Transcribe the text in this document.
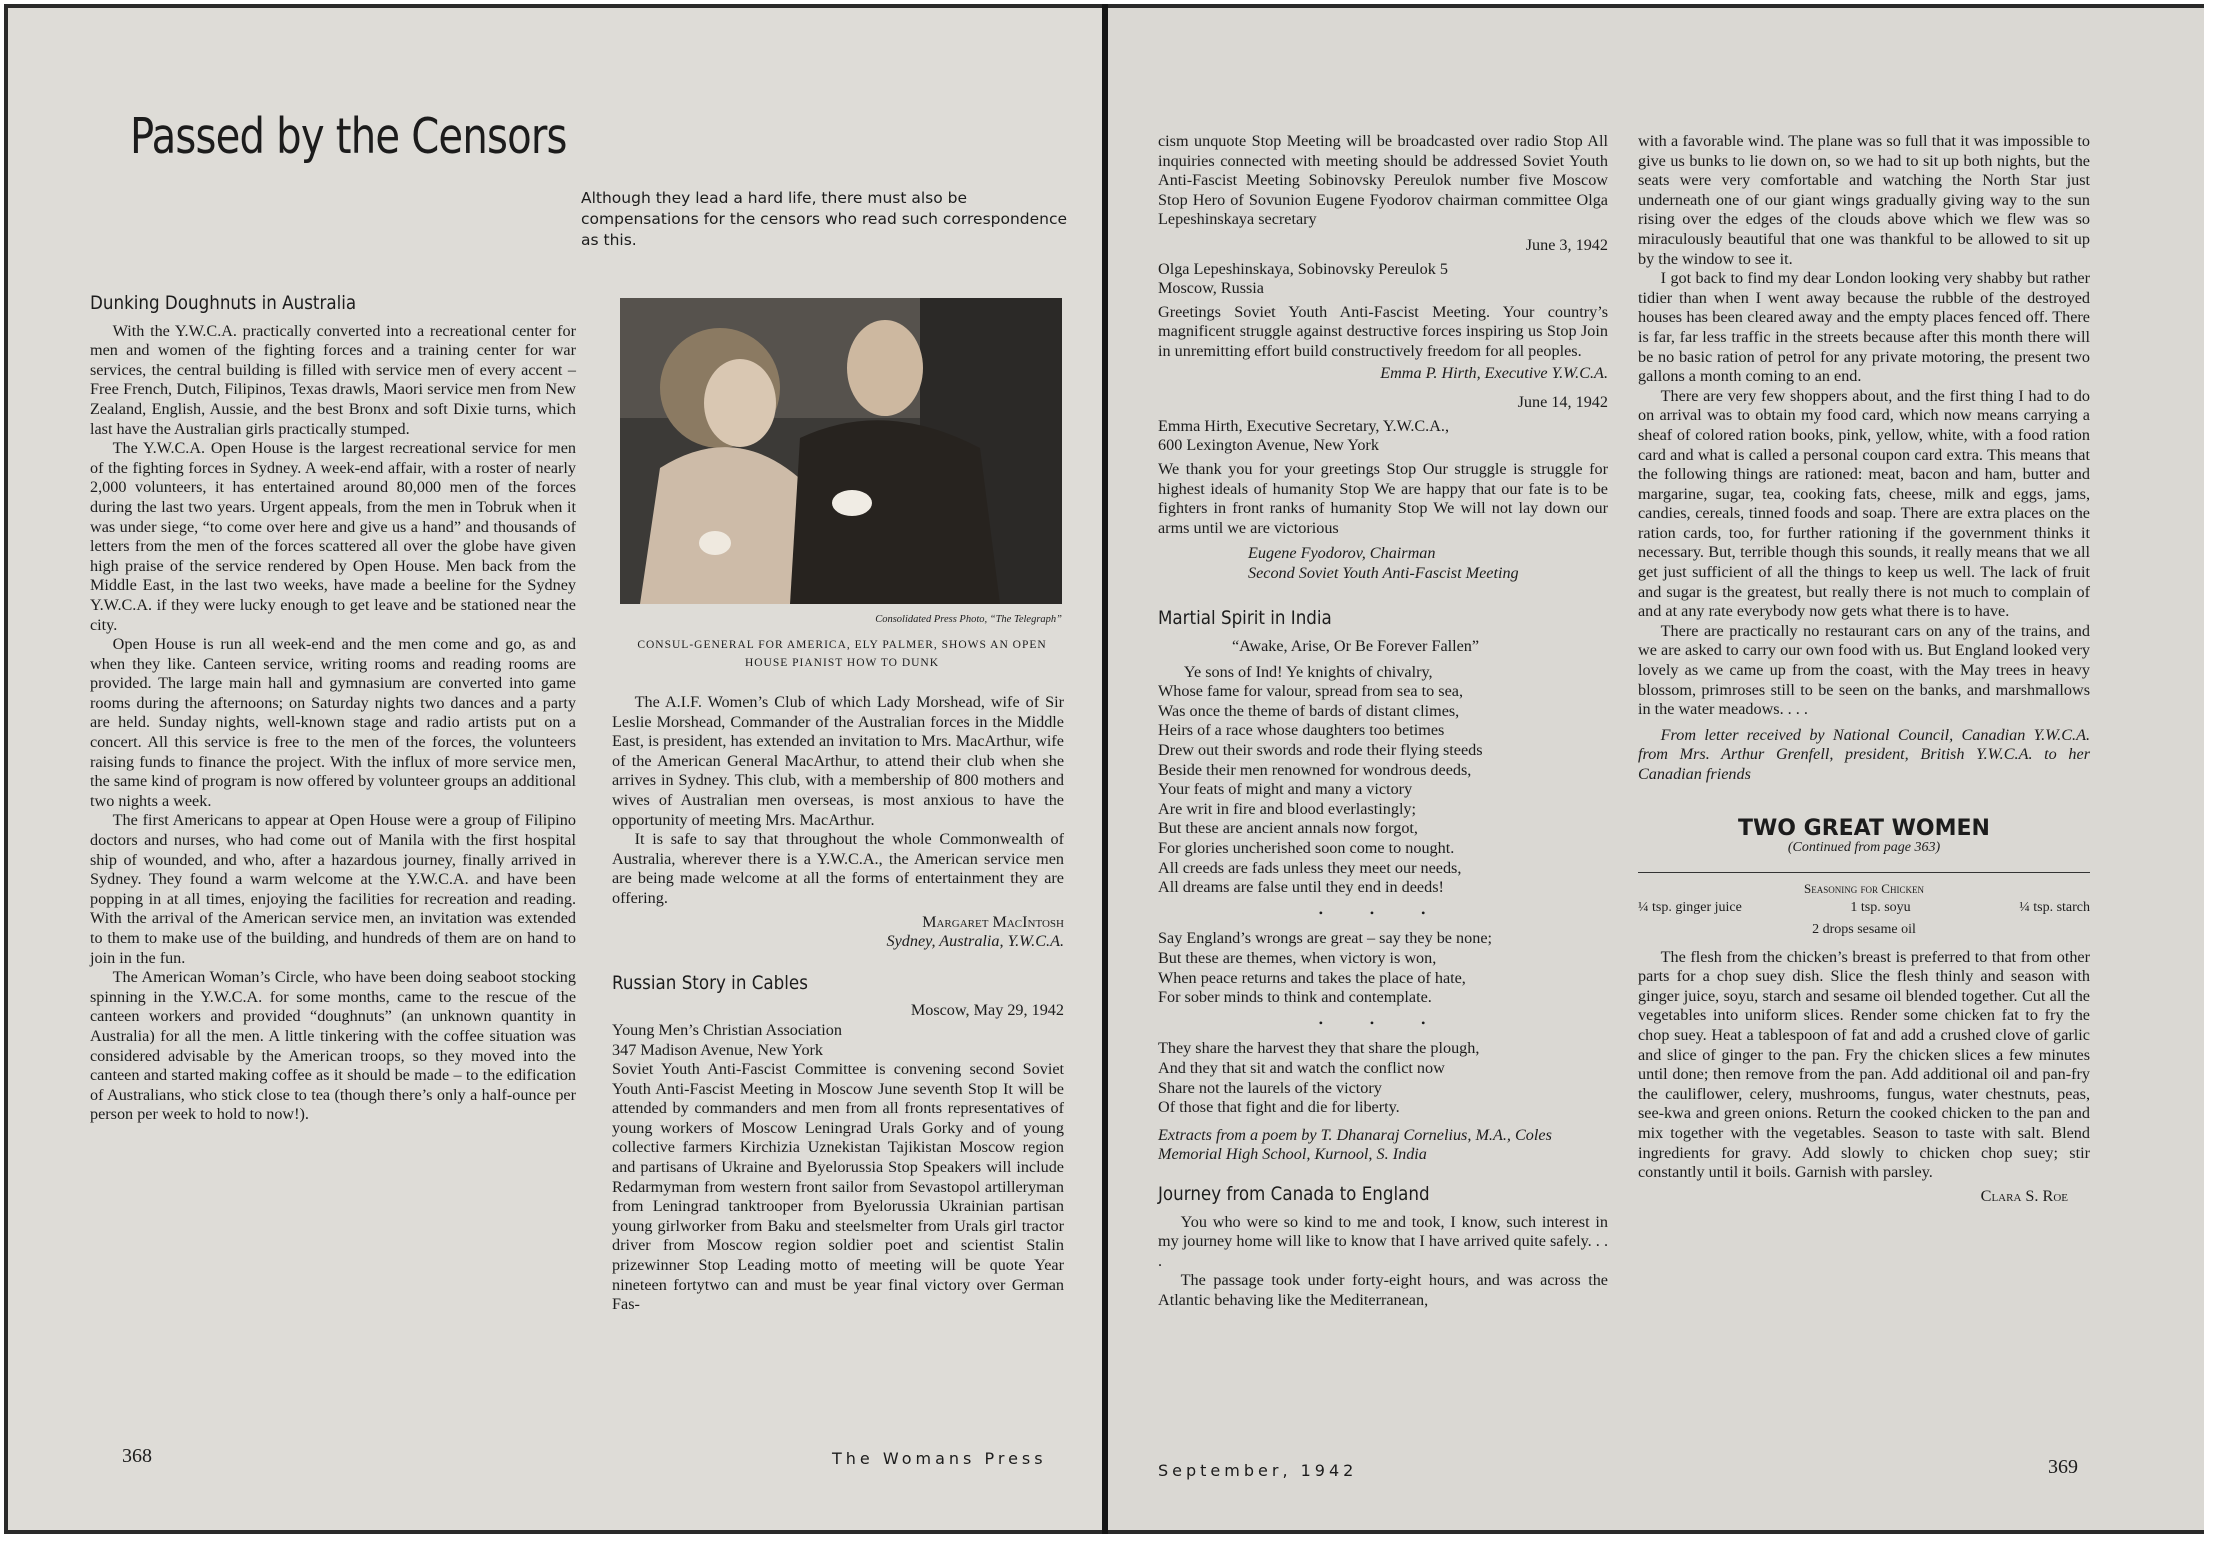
Passed by the Censors
Although they lead a hard life, there must also be compensations for the censors who read such correspondence as this.
Dunking Doughnuts in Australia

With the Y.W.C.A. practically converted into a recreational center for men and women of the fighting forces and a training center for war services, the central building is filled with service men of every accent – Free French, Dutch, Filipinos, Texas drawls, Maori service men from New Zealand, English, Aussie, and the best Bronx and soft Dixie turns, which last have the Australian girls practically stumped.

The Y.W.C.A. Open House is the largest recreational service for men of the fighting forces in Sydney. A week-end affair, with a roster of nearly 2,000 volunteers, it has entertained around 80,000 men of the forces during the last two years. Urgent appeals, from the men in Tobruk when it was under siege, “to come over here and give us a hand” and thousands of letters from the men of the forces scattered all over the globe have given high praise of the service rendered by Open House. Men back from the Middle East, in the last two weeks, have made a beeline for the Sydney Y.W.C.A. if they were lucky enough to get leave and be stationed near the city.

Open House is run all week-end and the men come and go, as and when they like. Canteen service, writing rooms and reading rooms are provided. The large main hall and gymnasium are converted into game rooms during the afternoons; on Saturday nights two dances and a party are held. Sunday nights, well-known stage and radio artists put on a concert. All this service is free to the men of the forces, the volunteers raising funds to finance the project. With the influx of more service men, the same kind of program is now offered by volunteer groups an additional two nights a week.

The first Americans to appear at Open House were a group of Filipino doctors and nurses, who had come out of Manila with the first hospital ship of wounded, and who, after a hazardous journey, finally arrived in Sydney. They found a warm welcome at the Y.W.C.A. and have been popping in at all times, enjoying the facilities for recreation and reading. With the arrival of the American service men, an invitation was extended to them to make use of the building, and hundreds of them are on hand to join in the fun.

The American Woman’s Circle, who have been doing seaboot stocking spinning in the Y.W.C.A. for some months, came to the rescue of the canteen workers and provided “doughnuts” (an unknown quantity in Australia) for all the men. A little tinkering with the coffee situation was considered advisable by the American troops, so they moved into the canteen and started making coffee as it should be made – to the edification of Australians, who stick close to tea (though there’s only a half-ounce per person per week to hold to now!).

Consolidated Press Photo, “The Telegraph”
CONSUL-GENERAL FOR AMERICA, ELY PALMER, SHOWS AN OPEN HOUSE PIANIST HOW TO DUNK

The A.I.F. Women’s Club of which Lady Morshead, wife of Sir Leslie Morshead, Commander of the Australian forces in the Middle East, is president, has extended an invitation to Mrs. MacArthur, wife of the American General MacArthur, to attend their club when she arrives in Sydney. This club, with a membership of 800 mothers and wives of Australian men overseas, is most anxious to have the opportunity of meeting Mrs. MacArthur.

It is safe to say that throughout the whole Commonwealth of Australia, wherever there is a Y.W.C.A., the American service men are being made welcome at all the forms of entertainment they are offering.

Margaret MacIntosh
Sydney, Australia, Y.W.C.A.
Russian Story in Cables
Moscow, May 29, 1942
Young Men’s Christian Association
347 Madison Avenue, New York

Soviet Youth Anti-Fascist Committee is convening second Soviet Youth Anti-Fascist Meeting in Moscow June seventh Stop It will be attended by commanders and men from all fronts representatives of young workers of Moscow Leningrad Urals Gorky and of young collective farmers Kirchizia Uznekistan Tajikistan Moscow region and partisans of Ukraine and Byelorussia Stop Speakers will include Redarmyman from western front sailor from Sevastopol artilleryman from Leningrad tanktrooper from Byelorussia Ukrainian partisan young girlworker from Baku and steelsmelter from Urals girl tractor driver from Moscow region soldier poet and scientist Stalin prizewinner Stop Leading motto of meeting will be quote Year nineteen fortytwo can and must be year final victory over German Fas-

368	The Womans Press

cism unquote Stop Meeting will be broadcasted over radio Stop All inquiries connected with meeting should be addressed Soviet Youth Anti-Fascist Meeting Sobinovsky Pereulok number five Moscow Stop Hero of Sovunion Eugene Fyodorov chairman committee Olga Lepeshinskaya secretary

June 3, 1942
Olga Lepeshinskaya, Sobinovsky Pereulok 5
Moscow, Russia

Greetings Soviet Youth Anti-Fascist Meeting. Your country’s magnificent struggle against destructive forces inspiring us Stop Join in unremitting effort build constructively freedom for all peoples.

Emma P. Hirth, Executive Y.W.C.A.
June 14, 1942
Emma Hirth, Executive Secretary, Y.W.C.A.,
600 Lexington Avenue, New York

We thank you for your greetings Stop Our struggle is struggle for highest ideals of humanity Stop We are happy that our fate is to be fighters in front ranks of humanity Stop We will not lay down our arms until we are victorious

Eugene Fyodorov, Chairman
Second Soviet Youth Anti-Fascist Meeting
Martial Spirit in India
“Awake, Arise, Or Be Forever Fallen”
Ye sons of Ind! Ye knights of chivalry,
Whose fame for valour, spread from sea to sea,
Was once the theme of bards of distant climes,
Heirs of a race whose daughters too betimes
Drew out their swords and rode their flying steeds
Beside their men renowned for wondrous deeds,
Your feats of might and many a victory
Are writ in fire and blood everlastingly;
But these are ancient annals now forgot,
For glories uncherished soon come to nought.
All creeds are fads unless they meet our needs,
All dreams are false until they end in deeds!
• • •
Say England’s wrongs are great – say they be none;
But these are themes, when victory is won,
When peace returns and takes the place of hate,
For sober minds to think and contemplate.
• • •
They share the harvest they that share the plough,
And they that sit and watch the conflict now
Share not the laurels of the victory
Of those that fight and die for liberty.

Extracts from a poem by T. Dhanaraj Cornelius, M.A., Coles Memorial High School, Kurnool, S. India

Journey from Canada to England

You who were so kind to me and took, I know, such interest in my journey home will like to know that I have arrived quite safely. . . .

The passage took under forty-eight hours, and was across the Atlantic behaving like the Mediterranean,

with a favorable wind. The plane was so full that it was impossible to give us bunks to lie down on, so we had to sit up both nights, but the seats were very comfortable and watching the North Star just underneath one of our giant wings gradually giving way to the sun rising over the edges of the clouds above which we flew was so miraculously beautiful that one was thankful to be allowed to sit up by the window to see it.

I got back to find my dear London looking very shabby but rather tidier than when I went away because the rubble of the destroyed houses has been cleared away and the empty places fenced off. There is far, far less traffic in the streets because after this month there will be no basic ration of petrol for any private motoring, the present two gallons a month coming to an end.

There are very few shoppers about, and the first thing I had to do on arrival was to obtain my food card, which now means carrying a sheaf of colored ration books, pink, yellow, white, with a food ration card and what is called a personal coupon card extra. This means that the following things are rationed: meat, bacon and ham, butter and margarine, sugar, tea, cooking fats, cheese, milk and eggs, jams, candies, cereals, tinned foods and soap. There are extra places on the ration cards, too, for further rationing if the government thinks it necessary. But, terrible though this sounds, it really means that we all get just sufficient of all the things to keep us well. The lack of fruit and sugar is the greatest, but really there is not much to complain of and at any rate everybody now gets what there is to have.

There are practically no restaurant cars on any of the trains, and we are asked to carry our own food with us. But England looked very lovely as we came up from the coast, with the May trees in heavy blossom, primroses still to be seen on the banks, and marshmallows in the water meadows. . . .

From letter received by National Council, Canadian Y.W.C.A. from Mrs. Arthur Grenfell, president, British Y.W.C.A. to her Canadian friends

TWO GREAT WOMEN
(Continued from page 363)
Seasoning for Chicken
¼ tsp. ginger juice	1 tsp. soyu	¼ tsp. starch
2 drops sesame oil

The flesh from the chicken’s breast is preferred to that from other parts for a chop suey dish. Slice the flesh thinly and season with ginger juice, soyu, starch and sesame oil blended together. Cut all the vegetables into uniform slices. Render some chicken fat to fry the chop suey. Heat a tablespoon of fat and add a crushed clove of garlic and slice of ginger to the pan. Fry the chicken slices a few minutes until done; then remove from the pan. Add additional oil and pan-fry the cauliflower, celery, mushrooms, fungus, water chestnuts, peas, see-kwa and green onions. Return the cooked chicken to the pan and mix together with the vegetables. Season to taste with salt. Blend ingredients for gravy. Add slowly to chicken chop suey; stir constantly until it boils. Garnish with parsley.

Clara S. Roe
September, 1942	369
